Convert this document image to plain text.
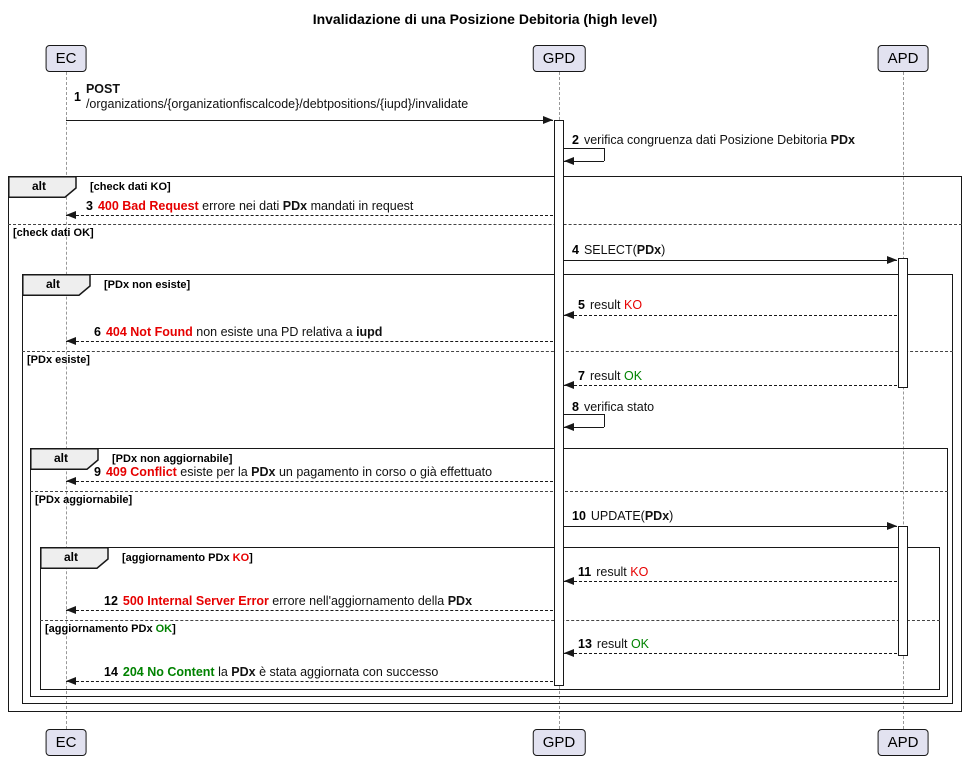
Invalidazione di una Posizione Debitoria (high level)
alt	[check dati KO]
[check dati OK]
alt	[PDx non esiste]
[PDx esiste]
alt	[PDx non aggiornabile]
[PDx aggiornabile]
alt	[aggiornamento PDx KO]
[aggiornamento PDx OK]
1
POST
/organizations/{organizationfiscalcode}/debtpositions/{iupd}/invalidate
2 verifica congruenza dati Posizione Debitoria PDx
3 400 Bad Request errore nei dati PDx mandati in request
4 SELECT(PDx)
5 result KO
6 404 Not Found non esiste una PD relativa a iupd
7 result OK
8 verifica stato
9 409 Conflict esiste per la PDx un pagamento in corso o già effettuato
10 UPDATE(PDx)
11 result KO
12 500 Internal Server Error errore nell'aggiornamento della PDx
13 result OK
14 204 No Content la PDx è stata aggiornata con successo
EC
EC
GPD
GPD
APD
APD
